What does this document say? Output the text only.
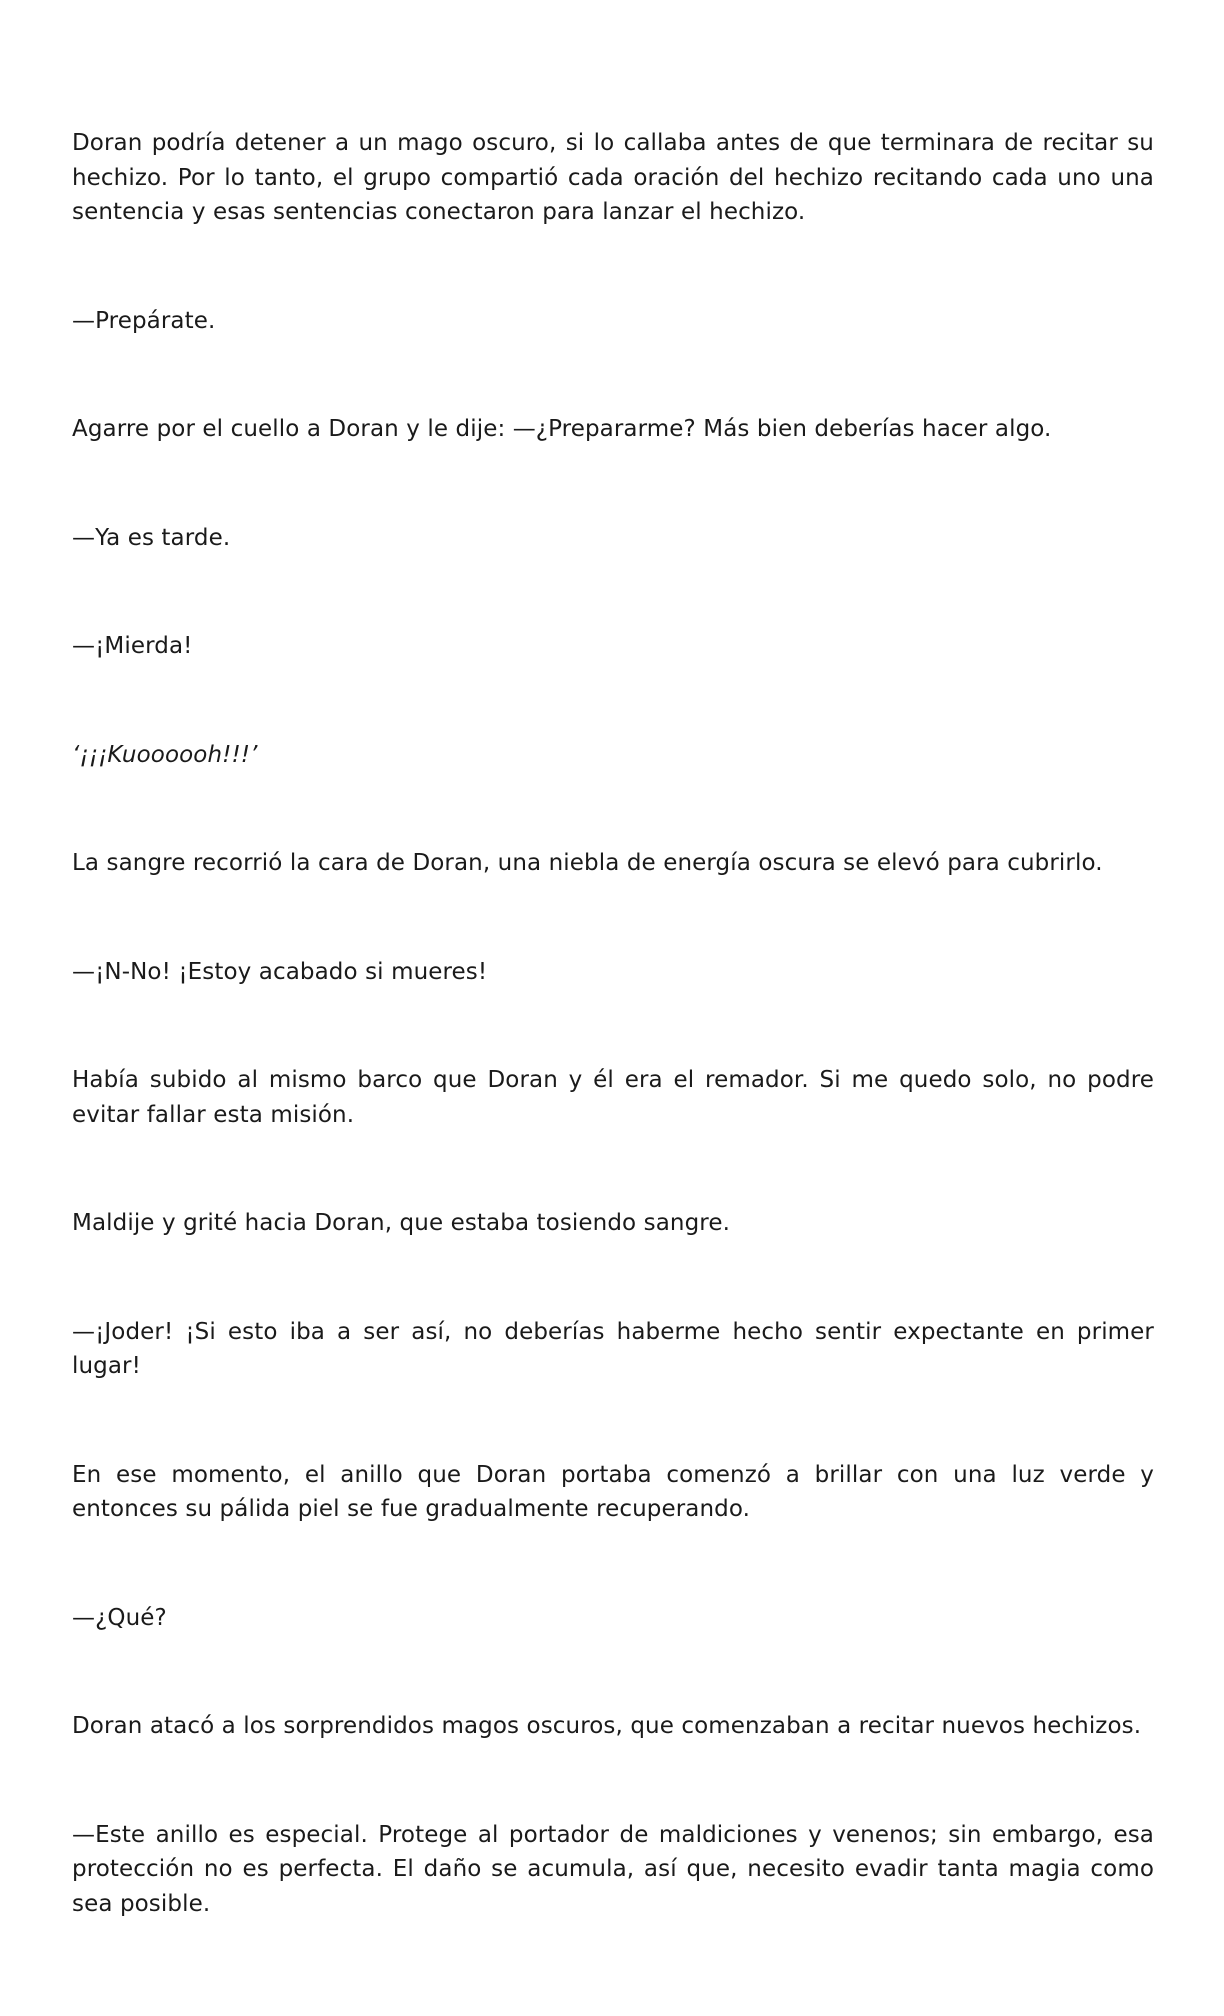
Doran podría detener a un mago oscuro, si lo callaba antes de que terminara de recitar su hechizo. Por lo tanto, el grupo compartió cada oración del hechizo recitando cada uno una sentencia y esas sentencias conectaron para lanzar el hechizo.

—Prepárate.

Agarre por el cuello a Doran y le dije: —¿Prepararme? Más bien deberías hacer algo.

—Ya es tarde.

—¡Mierda!

‘¡¡¡Kuoooooh!!!’

La sangre recorrió la cara de Doran, una niebla de energía oscura se elevó para cubrirlo.

—¡N-No! ¡Estoy acabado si mueres!

Había subido al mismo barco que Doran y él era el remador. Si me quedo solo, no podre evitar fallar esta misión.

Maldije y grité hacia Doran, que estaba tosiendo sangre.

—¡Joder! ¡Si esto iba a ser así, no deberías haberme hecho sentir expectante en primer lugar!

En ese momento, el anillo que Doran portaba comenzó a brillar con una luz verde y entonces su pálida piel se fue gradualmente recuperando.

—¿Qué?

Doran atacó a los sorprendidos magos oscuros, que comenzaban a recitar nuevos hechizos.

—Este anillo es especial. Protege al portador de maldiciones y venenos; sin embargo, esa protección no es perfecta. El daño se acumula, así que, necesito evadir tanta magia como sea posible.
